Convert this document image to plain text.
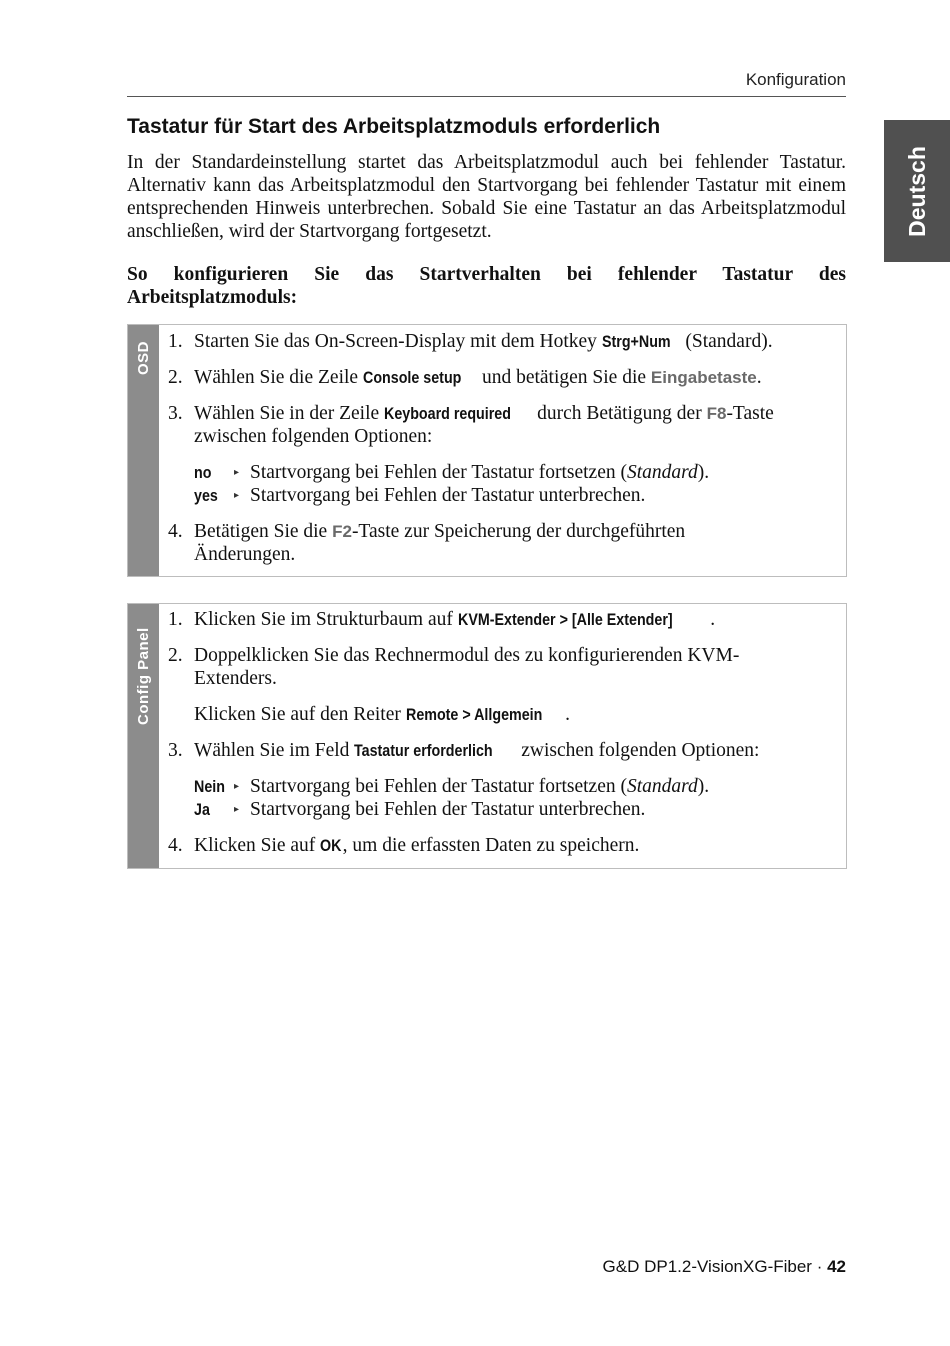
Konfiguration
Deutsch
Tastatur für Start des Arbeitsplatzmoduls erforderlich

In der Standardeinstellung startet das Arbeitsplatzmodul auch bei fehlender Tastatur. Alternativ kann das Arbeitsplatzmodul den Startvorgang bei fehlender Tastatur mit einem entsprechenden Hinweis unterbrechen. Sobald Sie eine Tastatur an das Arbeitsplatzmodul anschließen, wird der Startvorgang fortgesetzt.

So konfigurieren Sie das Startverhalten bei fehlender Tastatur des Arbeitsplatzmoduls:

OSD 1. Starten Sie das On-Screen-Display mit dem Hotkey Strg+Num (Standard).
2. Wählen Sie die Zeile Console setup und betätigen Sie die Eingabetaste.
3. Wählen Sie in der Zeile Keyboard required durch Betätigung der F8-Taste zwischen folgenden Optionen:
no ▸ Startvorgang bei Fehlen der Tastatur fortsetzen (Standard).
yes ▸ Startvorgang bei Fehlen der Tastatur unterbrechen.
4. Betätigen Sie die F2-Taste zur Speicherung der durchgeführten Änderungen.
Config Panel
1. Klicken Sie im Strukturbaum auf KVM-Extender > [Alle Extender] .
2. Doppelklicken Sie das Rechnermodul des zu konfigurierenden KVM-Extenders.
Klicken Sie auf den Reiter Remote > Allgemein .
3. Wählen Sie im Feld Tastatur erforderlich zwischen folgenden Optionen:
Nein ▸ Startvorgang bei Fehlen der Tastatur fortsetzen (Standard).
Ja ▸ Startvorgang bei Fehlen der Tastatur unterbrechen.
4. Klicken Sie auf OK, um die erfassten Daten zu speichern.
G&D DP1.2-VisionXG-Fiber · 42
